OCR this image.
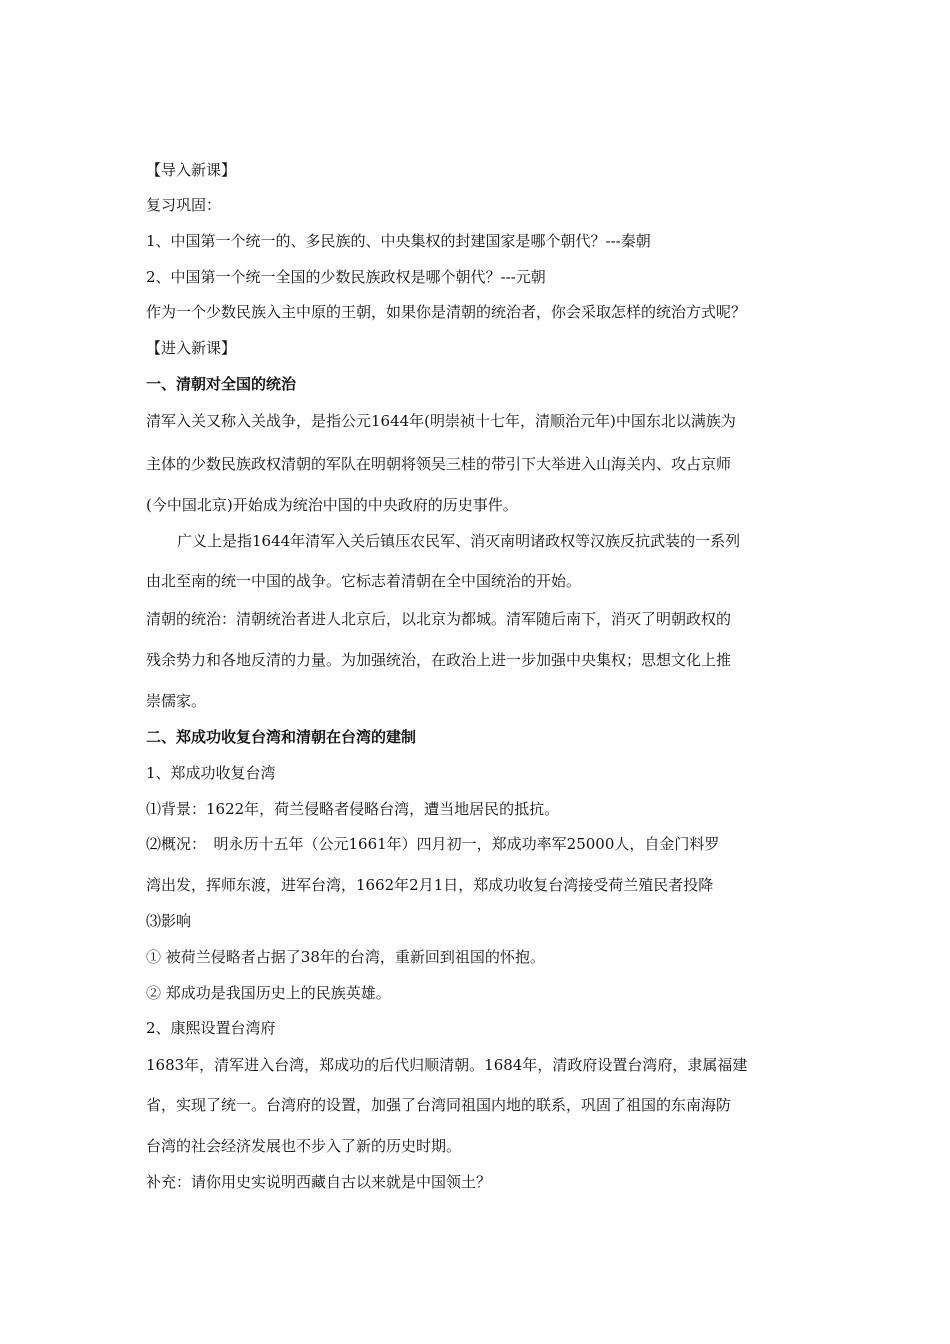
【导入新课】
复习巩固：
1、中国第一个统一的、多民族的、中央集权的封建国家是哪个朝代？---秦朝
2、中国第一个统一全国的少数民族政权是哪个朝代？---元朝
作为一个少数民族入主中原的王朝，如果你是清朝的统治者，你会采取怎样的统治方式呢？
【进入新课】
一、清朝对全国的统治
清军入关又称入关战争，是指公元1644年(明崇祯十七年，清顺治元年)中国东北以满族为
主体的少数民族政权清朝的军队在明朝将领吴三桂的带引下大举进入山海关内、攻占京师
(今中国北京)开始成为统治中国的中央政府的历史事件。
广义上是指1644年清军入关后镇压农民军、消灭南明诸政权等汉族反抗武装的一系列
由北至南的统一中国的战争。它标志着清朝在全中国统治的开始。
清朝的统治：清朝统治者进人北京后，以北京为都城。清军随后南下，消灭了明朝政权的
残余势力和各地反清的力量。为加强统治，在政治上进一步加强中央集权；思想文化上推
崇儒家。
二、郑成功收复台湾和清朝在台湾的建制
1、郑成功收复台湾
⑴背景：1622年，荷兰侵略者侵略台湾，遭当地居民的抵抗。
⑵概况：　明永历十五年（公元1661年）四月初一，郑成功率军25000人，自金门料罗
湾出发，挥师东渡，进军台湾，1662年2月1日，郑成功收复台湾接受荷兰殖民者投降
⑶影响
① 被荷兰侵略者占据了38年的台湾，重新回到祖国的怀抱。
② 郑成功是我国历史上的民族英雄。
2、康熙设置台湾府
1683年，清军进入台湾，郑成功的后代归顺清朝。1684年，清政府设置台湾府，隶属福建
省，实现了统一。台湾府的设置，加强了台湾同祖国内地的联系，巩固了祖国的东南海防
台湾的社会经济发展也不步入了新的历史时期。
补充：请你用史实说明西藏自古以来就是中国领土？
